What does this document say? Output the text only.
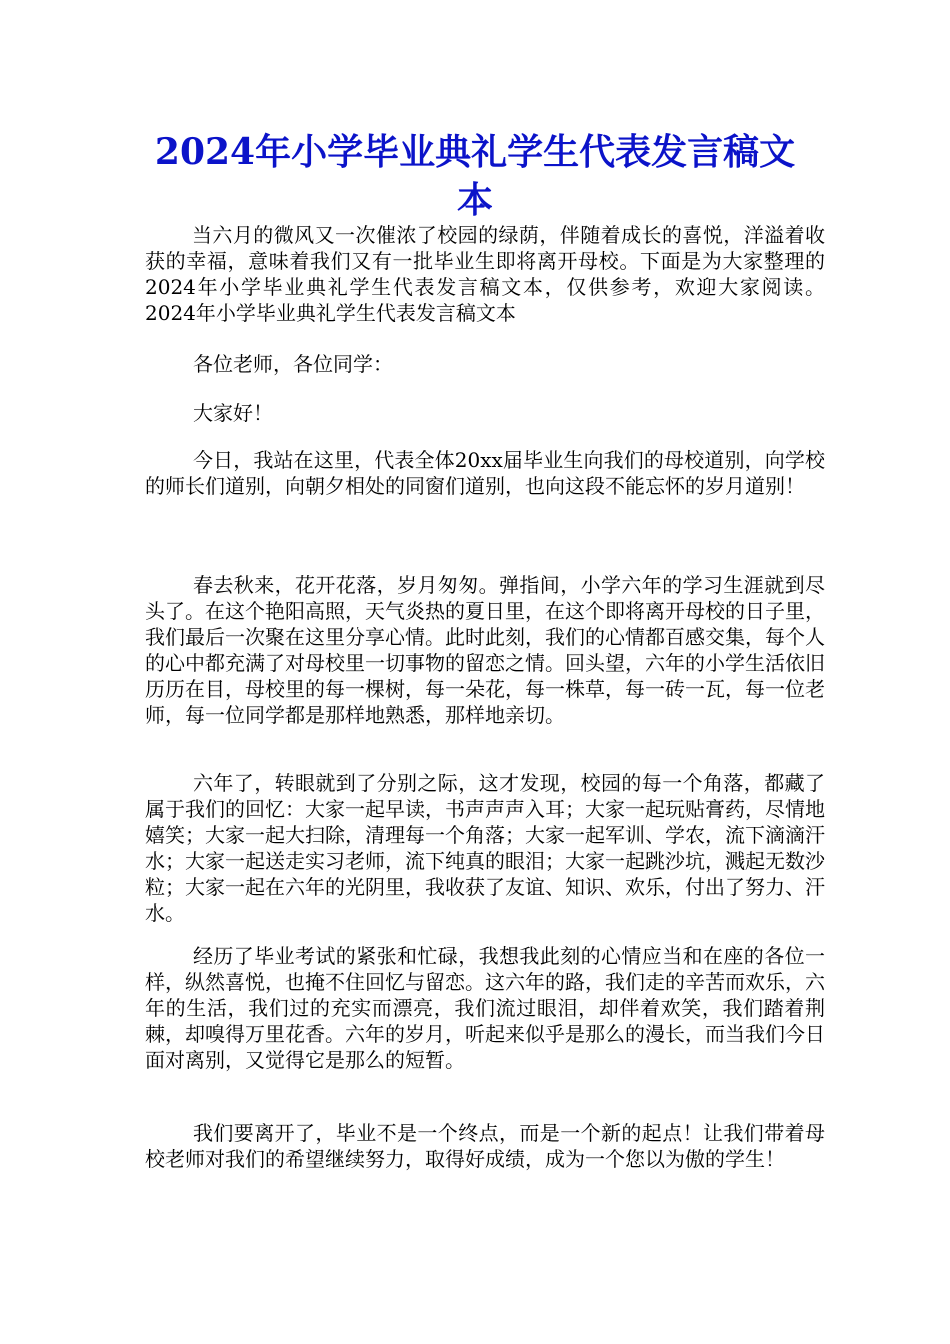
2024年小学毕业典礼学生代表发言稿文本

当六月的微风又一次催浓了校园的绿荫，伴随着成长的喜悦，洋溢着收获的幸福，意味着我们又有一批毕业生即将离开母校。下面是为大家整理的2024年小学毕业典礼学生代表发言稿文本，仅供参考，欢迎大家阅读。 2024年小学毕业典礼学生代表发言稿文本

各位老师，各位同学：

大家好！

今日，我站在这里，代表全体20xx届毕业生向我们的母校道别，向学校的师长们道别，向朝夕相处的同窗们道别，也向这段不能忘怀的岁月道别！

春去秋来，花开花落，岁月匆匆。弹指间，小学六年的学习生涯就到尽头了。在这个艳阳高照，天气炎热的夏日里，在这个即将离开母校的日子里，我们最后一次聚在这里分享心情。此时此刻，我们的心情都百感交集，每个人的心中都充满了对母校里一切事物的留恋之情。回头望，六年的小学生活依旧历历在目，母校里的每一棵树，每一朵花，每一株草，每一砖一瓦，每一位老师，每一位同学都是那样地熟悉，那样地亲切。

六年了，转眼就到了分别之际，这才发现，校园的每一个角落，都藏了属于我们的回忆：大家一起早读，书声声声入耳；大家一起玩贴膏药，尽情地嬉笑；大家一起大扫除，清理每一个角落；大家一起军训、学农，流下滴滴汗水；大家一起送走实习老师，流下纯真的眼泪；大家一起跳沙坑，溅起无数沙粒；大家一起在六年的光阴里，我收获了友谊、知识、欢乐，付出了努力、汗水。

经历了毕业考试的紧张和忙碌，我想我此刻的心情应当和在座的各位一样，纵然喜悦，也掩不住回忆与留恋。这六年的路，我们走的辛苦而欢乐，六年的生活，我们过的充实而漂亮，我们流过眼泪，却伴着欢笑，我们踏着荆棘，却嗅得万里花香。六年的岁月，听起来似乎是那么的漫长，而当我们今日面对离别，又觉得它是那么的短暂。

我们要离开了，毕业不是一个终点，而是一个新的起点！让我们带着母校老师对我们的希望继续努力，取得好成绩，成为一个您以为傲的学生！
